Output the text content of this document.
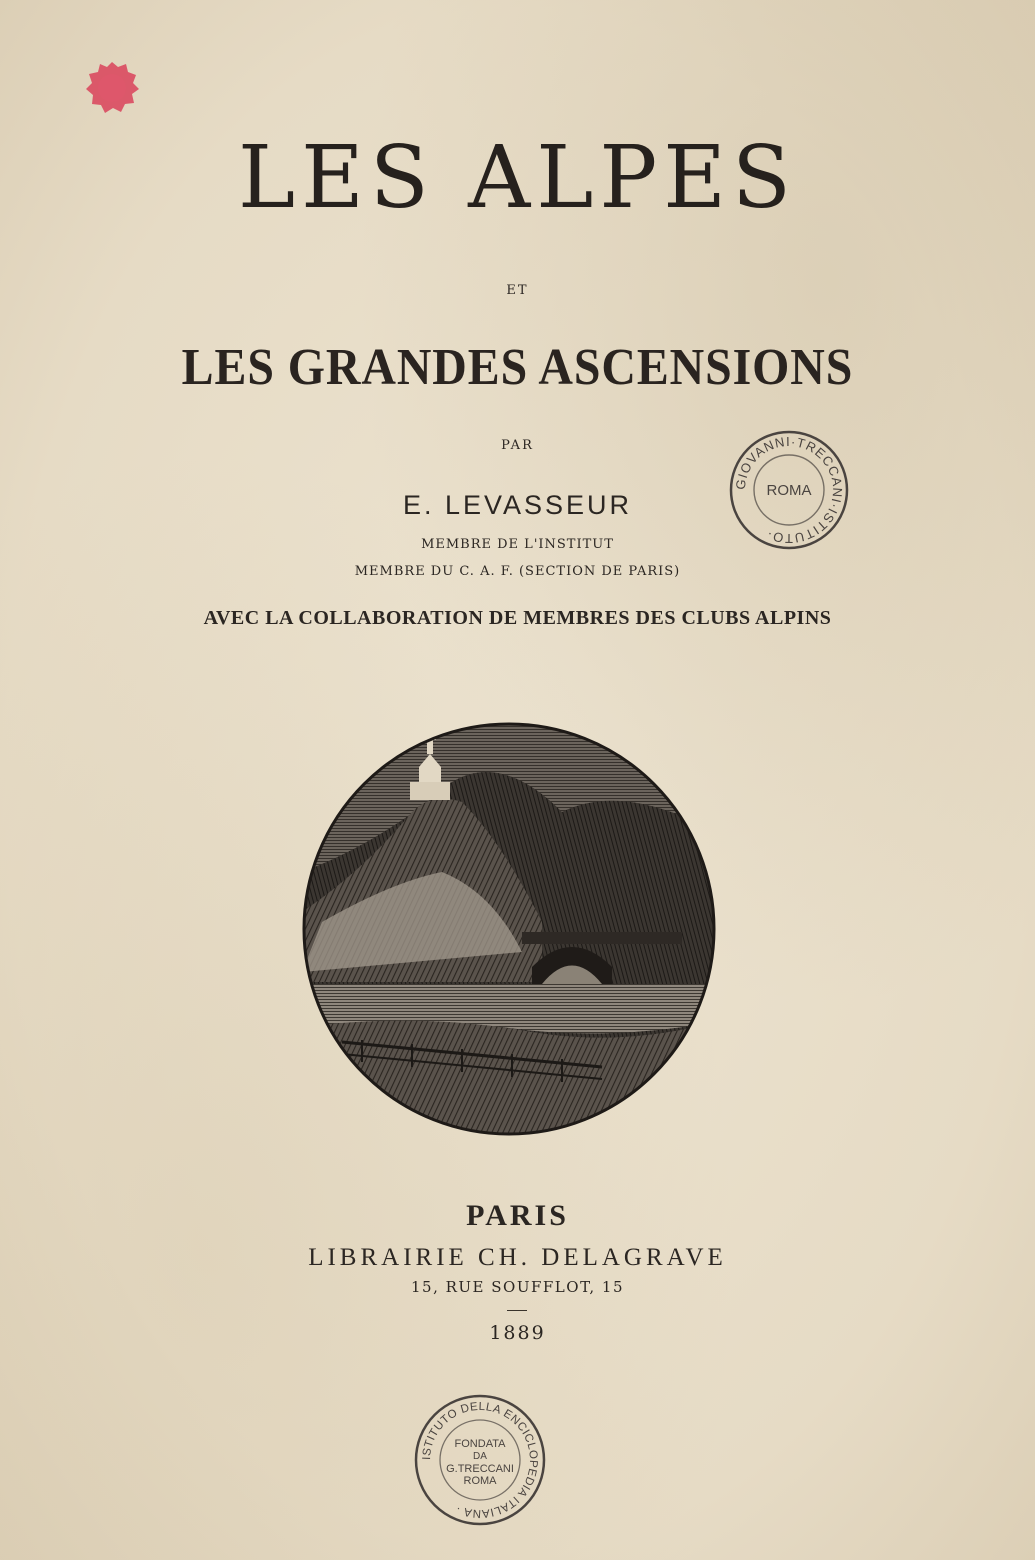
LES ALPES
ET
LES GRANDES ASCENSIONS
PAR
E. LEVASSEUR
MEMBRE DE L'INSTITUT
MEMBRE DU C. A. F. (SECTION DE PARIS)
AVEC LA COLLABORATION DE MEMBRES DES CLUBS ALPINS
GIOVANNI·TRECCANI·ISTITUTO·
ROMA
PARIS
LIBRAIRIE CH. DELAGRAVE
15, RUE SOUFFLOT, 15
1889
ISTITUTO DELLA ENCICLOPEDIA ITALIANA ·
FONDATA
DA
G.TRECCANI
ROMA
